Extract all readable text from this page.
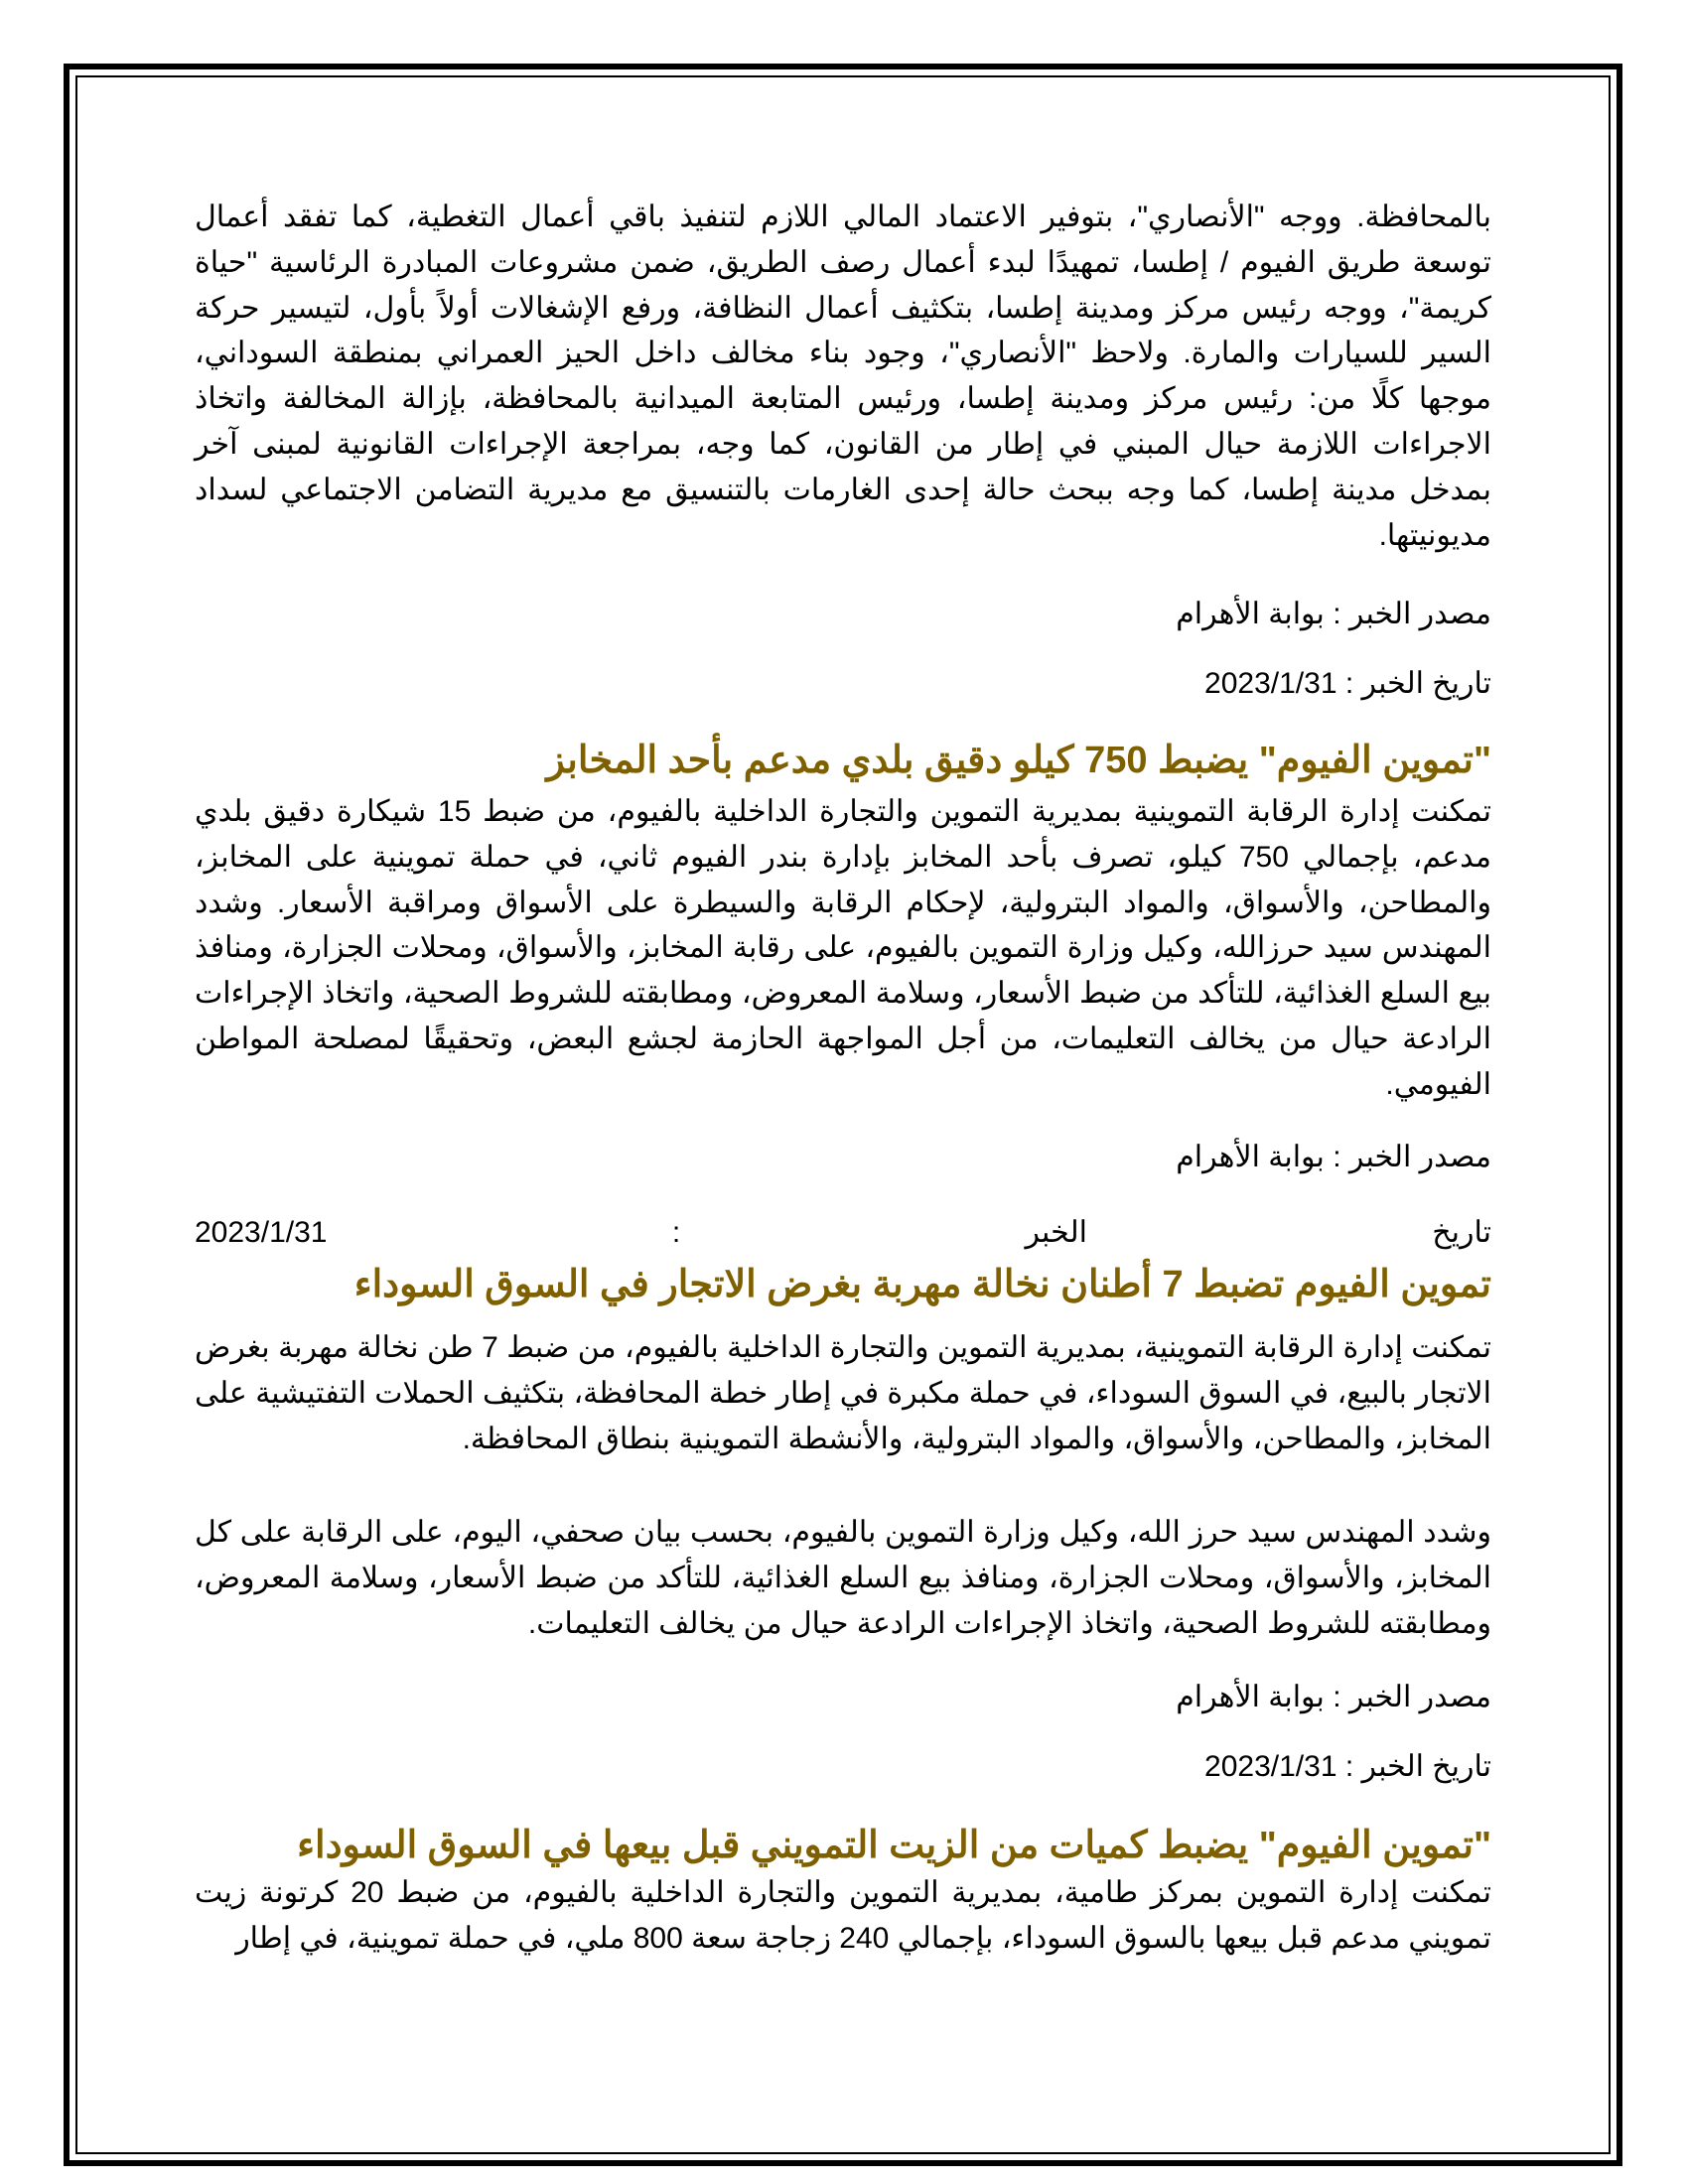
بالمحافظة. ووجه "الأنصاري"، بتوفير الاعتماد المالي اللازم لتنفيذ باقي أعمال التغطية، كما تفقد أعمال توسعة طريق الفيوم / إطسا، تمهيدًا لبدء أعمال رصف الطريق، ضمن مشروعات المبادرة الرئاسية "حياة كريمة"، ووجه رئيس مركز ومدينة إطسا، بتكثيف أعمال النظافة، ورفع الإشغالات أولاً بأول، لتيسير حركة السير للسيارات والمارة. ولاحظ "الأنصاري"، وجود بناء مخالف داخل الحيز العمراني بمنطقة السوداني، موجها كلًا من: رئيس مركز ومدينة إطسا، ورئيس المتابعة الميدانية بالمحافظة، بإزالة المخالفة واتخاذ الاجراءات اللازمة حيال المبني في إطار من القانون، كما وجه، بمراجعة الإجراءات القانونية لمبنى آخر بمدخل مدينة إطسا، كما وجه ببحث حالة إحدى الغارمات بالتنسيق مع مديرية التضامن الاجتماعي لسداد مديونيتها.
مصدر الخبر : بوابة الأهرام
تاريخ الخبر : 2023/1/31
"تموين الفيوم" يضبط 750 كيلو دقيق بلدي مدعم بأحد المخابز
تمكنت إدارة الرقابة التموينية بمديرية التموين والتجارة الداخلية بالفيوم، من ضبط 15 شيكارة دقيق بلدي مدعم، بإجمالي 750 كيلو، تصرف بأحد المخابز بإدارة بندر الفيوم ثاني، في حملة تموينية على المخابز، والمطاحن، والأسواق، والمواد البترولية، لإحكام الرقابة والسيطرة على الأسواق ومراقبة الأسعار. وشدد المهندس سيد حرزالله، وكيل وزارة التموين بالفيوم، على رقابة المخابز، والأسواق، ومحلات الجزارة، ومنافذ بيع السلع الغذائية، للتأكد من ضبط الأسعار، وسلامة المعروض، ومطابقته للشروط الصحية، واتخاذ الإجراءات الرادعة حيال من يخالف التعليمات، من أجل المواجهة الحازمة لجشع البعض، وتحقيقًا لمصلحة المواطن الفيومي.
مصدر الخبر : بوابة الأهرام
تاريخ
الخبر
:
2023/1/31
تموين الفيوم تضبط 7 أطنان نخالة مهربة بغرض الاتجار في السوق السوداء
تمكنت إدارة الرقابة التموينية، بمديرية التموين والتجارة الداخلية بالفيوم، من ضبط 7 طن نخالة مهربة بغرض الاتجار بالبيع، في السوق السوداء، في حملة مكبرة في إطار خطة المحافظة، بتكثيف الحملات التفتيشية على المخابز، والمطاحن، والأسواق، والمواد البترولية، والأنشطة التموينية بنطاق المحافظة.
وشدد المهندس سيد حرز الله، وكيل وزارة التموين بالفيوم، بحسب بيان صحفي، اليوم، على الرقابة على كل المخابز، والأسواق، ومحلات الجزارة، ومنافذ بيع السلع الغذائية، للتأكد من ضبط الأسعار، وسلامة المعروض، ومطابقته للشروط الصحية، واتخاذ الإجراءات الرادعة حيال من يخالف التعليمات.
مصدر الخبر : بوابة الأهرام
تاريخ الخبر : 2023/1/31
"تموين الفيوم" يضبط كميات من الزيت التمويني قبل بيعها في السوق السوداء
تمكنت إدارة التموين بمركز طامية، بمديرية التموين والتجارة الداخلية بالفيوم، من ضبط 20 كرتونة زيت تمويني مدعم قبل بيعها بالسوق السوداء، بإجمالي 240 زجاجة سعة 800 ملي، في حملة تموينية، في إطار
